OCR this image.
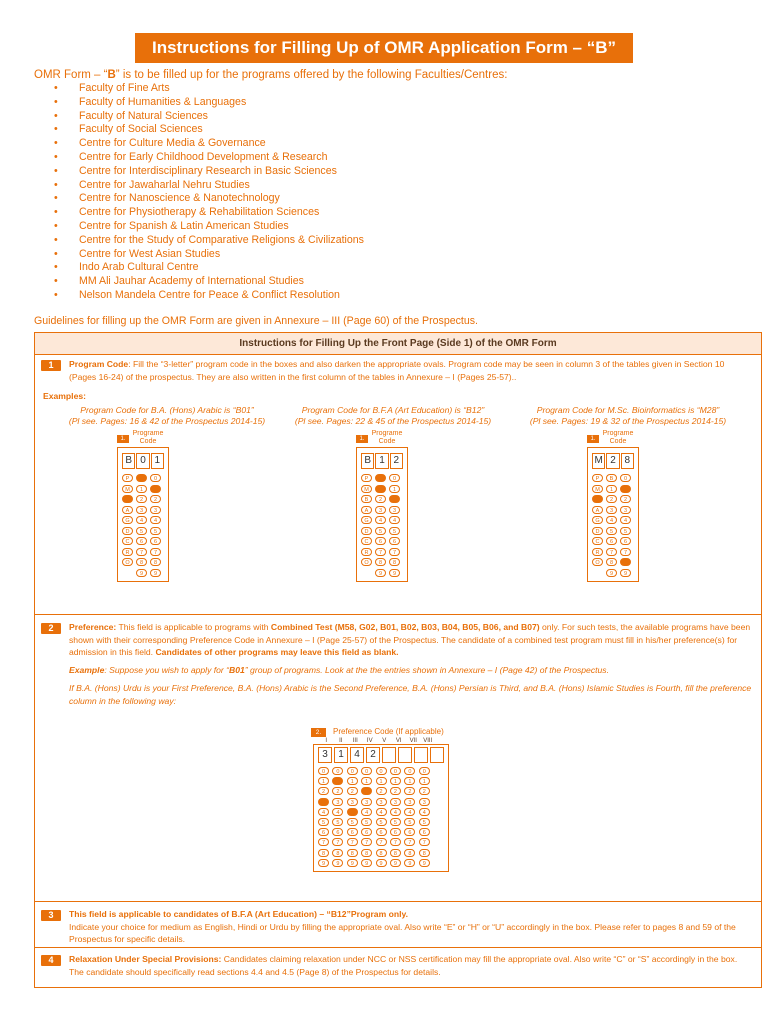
Instructions for Filling Up of OMR Application Form – “B”
OMR Form – “B” is to be filled up for the programs offered by the following Faculties/Centres:
• Faculty of Fine Arts
• Faculty of Humanities & Languages
• Faculty of Natural Sciences
• Faculty of Social Sciences
• Centre for Culture Media & Governance
• Centre for Early Childhood Development & Research
• Centre for Interdisciplinary Research in Basic Sciences
• Centre for Jawaharlal Nehru Studies
• Centre for Nanoscience & Nanotechnology
• Centre for Physiotherapy & Rehabilitation Sciences
• Centre for Spanish & Latin American Studies
• Centre for the Study of Comparative Religions & Civilizations
• Centre for West Asian Studies
• Indo Arab Cultural Centre
• MM Ali Jauhar Academy of International Studies
• Nelson Mandela Centre for Peace & Conflict Resolution
Guidelines for filling up the OMR Form are given in Annexure – III (Page 60) of the Prospectus.
Instructions for Filling Up the Front Page (Side 1) of the OMR Form
1	Program Code: Fill the “3-letter” program code in the boxes and also darken the appropriate ovals. Program code may be seen in column 3 of the tables given in Section 10 (Pages 16-24) of the prospectus. They are also written in the first column of the tables in Annexure – I (Pages 25-57)..
Examples:
Program Code for B.A. (Hons) Arabic is “B01”
(Pl see. Pages: 16 & 42 of the Prospectus 2014-15)
Program Code for B.F.A (Art Education) is “B12”
(Pl see. Pages: 22 & 45 of the Prospectus 2014-15)
Program Code for M.Sc. Bioinformatics is “M28”
(Pl see. Pages: 19 & 32 of the Prospectus 2014-15)
1.
Programe
Code
B 0 1
P	0
M	1
2	2
A	3	3
G	4	4
D	5	5
C	6	6
R	7	7
O	8	8
9	9
1.
Programe
Code
B 1 2
P	0
M	1
B	2
A	3	3
G	4	4
D	5	5
C	6	6
R	7	7
O	8	8
9	9
1.
Programe
Code
M 2 8
P	B	0
M	1
2	2
A	3	3
G	4	4
D	5	5
C	6	6
R	7	7
O	8
9	9
2	Preference: This field is applicable to programs with Combined Test (M58, G02, B01, B02, B03, B04, B05, B06, and B07) only. For such tests, the available programs have been shown with their corresponding Preference Code in Annexure – I (Page 25-57) of the Prospectus. The candidate of a combined test program must fill in his/her preference(s) for admission in this field. Candidates of other programs may leave this field as blank.
Example: Suppose you wish to apply for “B01” group of programs. Look at the the entries shown in Annexure – I (Page 42) of the Prospectus.
If B.A. (Hons) Urdu is your First Preference, B.A. (Hons) Arabic is the Second Preference, B.A. (Hons) Persian is Third, and B.A. (Hons) Islamic Studies is Fourth, fill the preference column in the following way:
2.	Preference Code (If applicable)
I	II	III	IV	V	VI	VII	VIII
3	1	4	2
0	0	0	0	0	0	0	0
1	1	1	1	1	1	1
2	2	2	2	2	2	2
3	3	3	3	3	3	3
4	4	4	4	4	4	4
5	5	5	5	5	5	5	5
6	6	6	6	6	6	6	6
7	7	7	7	7	7	7	7
8	8	8	8	8	8	8	8
9	9	9	9	9	9	9	9
3	This field is applicable to candidates of B.F.A (Art Education) – “B12”Program only.
Indicate your choice for medium as English, Hindi or Urdu by filling the appropriate oval. Also write “E” or “H” or “U” accordingly in the box. Please refer to pages 8 and 59 of the Prospectus for specific details.
4	Relaxation Under Special Provisions: Candidates claiming relaxation under NCC or NSS certification may fill the appropriate oval. Also write “C” or “S” accordingly in the box. The candidate should specifically read sections 4.4 and 4.5 (Page 8) of the Prospectus for details.
